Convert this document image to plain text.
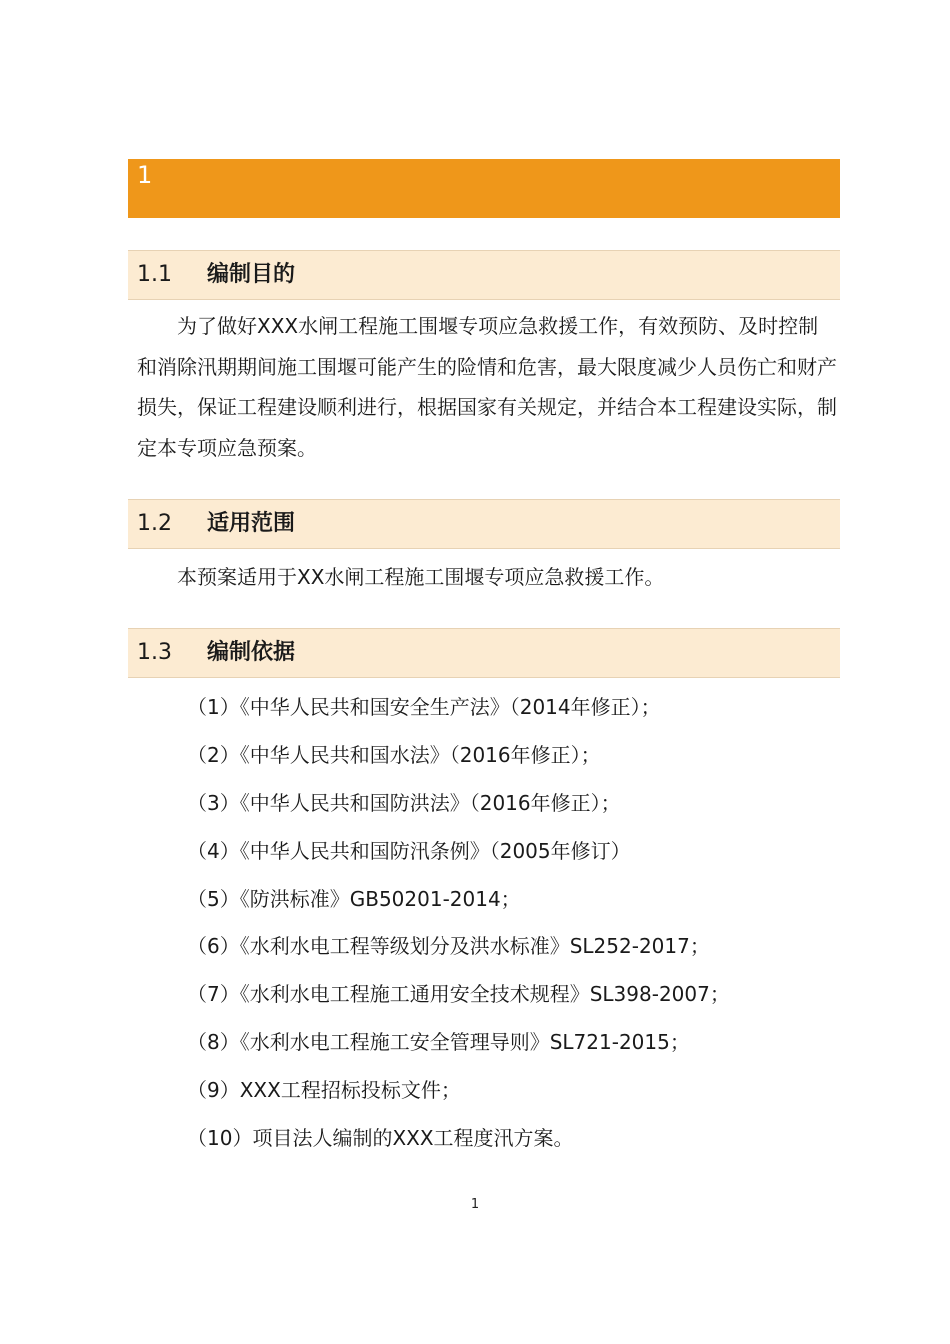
1
1.1	编制目的

为了做好XXX水闸工程施工围堰专项应急救援工作，有效预防、及时控制和消除汛期期间施工围堰可能产生的险情和危害，最大限度减少人员伤亡和财产损失，保证工程建设顺利进行，根据国家有关规定，并结合本工程建设实际，制定本专项应急预案。

1.2	适用范围

本预案适用于XX水闸工程施工围堰专项应急救援工作。

1.3	编制依据
（1）《中华人民共和国安全生产法》（2014年修正）；
（2）《中华人民共和国水法》（2016年修正）；
（3）《中华人民共和国防洪法》（2016年修正）；
（4）《中华人民共和国防汛条例》（2005年修订）
（5）《防洪标准》GB50201-2014；
（6）《水利水电工程等级划分及洪水标准》SL252-2017；
（7）《水利水电工程施工通用安全技术规程》SL398-2007；
（8）《水利水电工程施工安全管理导则》SL721-2015；
（9）XXX工程招标投标文件；
（10）项目法人编制的XXX工程度汛方案。
1
